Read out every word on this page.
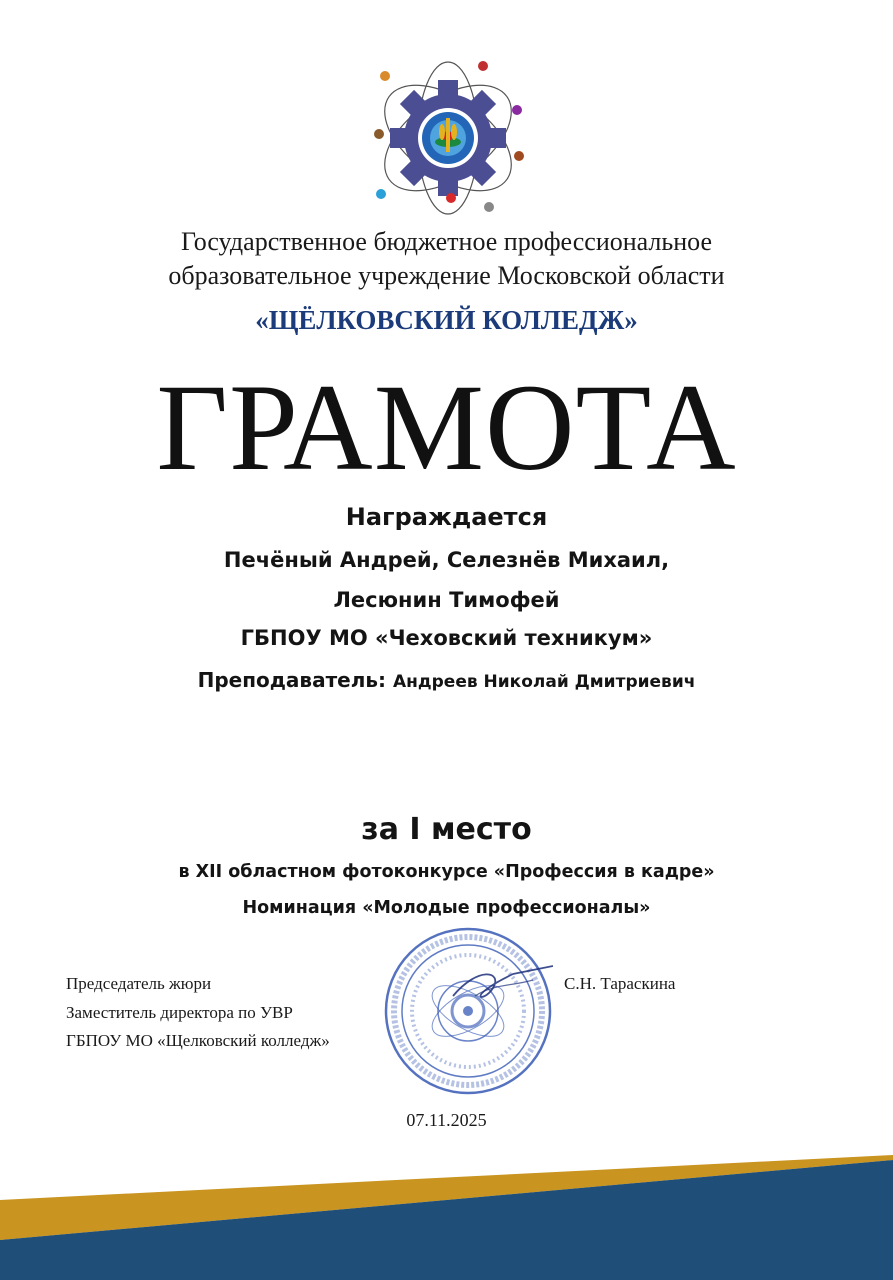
Государственное бюджетное профессиональное
образовательное учреждение Московской области
«ЩЁЛКОВСКИЙ КОЛЛЕДЖ»
ГРАМОТА
Награждается
Печёный Андрей, Селезнёв Михаил,
Лесюнин Тимофей
ГБПОУ МО «Чеховский техникум»
Преподаватель: Андреев Николай Дмитриевич
за I место
в XII областном фотоконкурсе «Профессия в кадре»
Номинация «Молодые профессионалы»
Председатель жюри
Заместитель директора по УВР
ГБПОУ МО «Щелковский колледж»
С.Н. Тараскина
07.11.2025
